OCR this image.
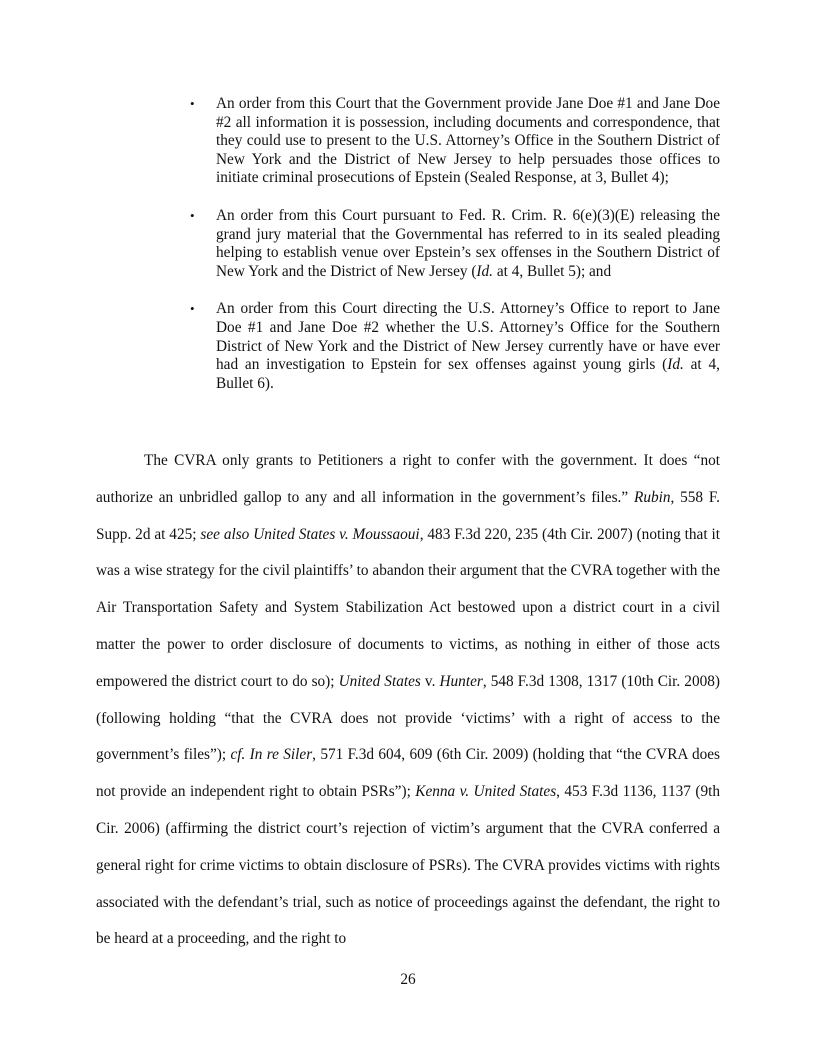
• An order from this Court that the Government provide Jane Doe #1 and Jane Doe #2 all information it is possession, including documents and correspondence, that they could use to present to the U.S. Attorney’s Office in the Southern District of New York and the District of New Jersey to help persuades those offices to initiate criminal prosecutions of Epstein (Sealed Response, at 3, Bullet 4);
• An order from this Court pursuant to Fed. R. Crim. R. 6(e)(3)(E) releasing the grand jury material that the Governmental has referred to in its sealed pleading helping to establish venue over Epstein’s sex offenses in the Southern District of New York and the District of New Jersey (Id. at 4, Bullet 5); and
• An order from this Court directing the U.S. Attorney’s Office to report to Jane Doe #1 and Jane Doe #2 whether the U.S. Attorney’s Office for the Southern District of New York and the District of New Jersey currently have or have ever had an investigation to Epstein for sex offenses against young girls (Id. at 4, Bullet 6).

The CVRA only grants to Petitioners a right to confer with the government. It does “not authorize an unbridled gallop to any and all information in the government’s files.” Rubin, 558 F. Supp. 2d at 425; see also United States v. Moussaoui, 483 F.3d 220, 235 (4th Cir. 2007) (noting that it was a wise strategy for the civil plaintiffs’ to abandon their argument that the CVRA together with the Air Transportation Safety and System Stabilization Act bestowed upon a district court in a civil matter the power to order disclosure of documents to victims, as nothing in either of those acts empowered the district court to do so); United States v. Hunter, 548 F.3d 1308, 1317 (10th Cir. 2008) (following holding “that the CVRA does not provide ‘victims’ with a right of access to the government’s files”); cf. In re Siler, 571 F.3d 604, 609 (6th Cir. 2009) (holding that “the CVRA does not provide an independent right to obtain PSRs”); Kenna v. United States, 453 F.3d 1136, 1137 (9th Cir. 2006) (affirming the district court’s rejection of victim’s argument that the CVRA conferred a general right for crime victims to obtain disclosure of PSRs). The CVRA provides victims with rights associated with the defendant’s trial, such as notice of proceedings against the defendant, the right to be heard at a proceeding, and the right to

26
